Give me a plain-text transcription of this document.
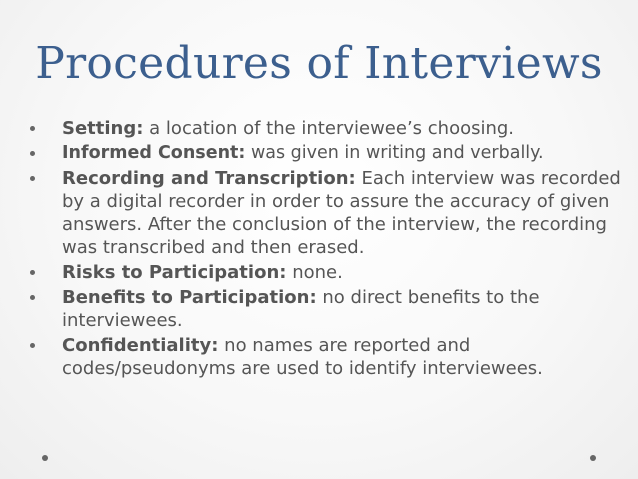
Procedures of Interviews
Setting: a location of the interviewee’s choosing.
Informed Consent: was given in writing and verbally.
Recording and Transcription: Each interview was recorded by a digital recorder in order to assure the accuracy of given answers. After the conclusion of the interview, the recording was transcribed and then erased.
Risks to Participation: none.
Benefits to Participation: no direct benefits to the interviewees.
Confidentiality: no names are reported and codes/pseudonyms are used to identify interviewees.
